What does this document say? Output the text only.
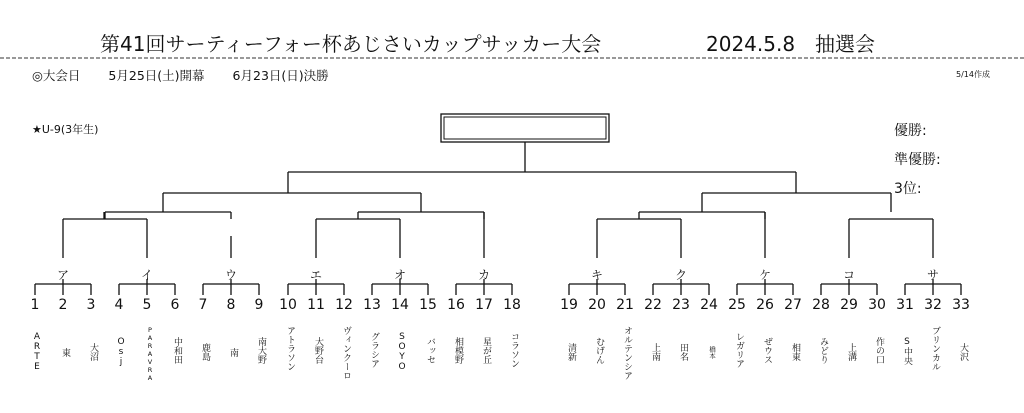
第41回サーティーフォー杯あじさいカップサッカー大会	2024.5.8　抽選会
◎大会日 5月25日(土)開幕 6月23日(日)決勝	5/14作成
★U-9(3年生)	優勝:
準優勝:
3位:
ア	イ	ウ	エ	オ	カ	キ	ク	ケ	コ	サ
1	2	3	4	5	6	7	8	9	10 11 12 13 14 15 16 17 18	19 20 21 22 23 24 25 26 27 28 29 30 31 32 33
ARTE	東	大沼	Osj	PARAVRA	中和田	鹿島	南	南大野	アトラソン	大野台	ヴィンクーロ	グラシア	SOYO	バッセ	相模野	星が丘	コラソン	清新	むげん	オルテンシア	上南	田名	橋本	レガリア	ぜウス	相東	みどり	上溝	作の口	S中央	ブリンカル	大沢
